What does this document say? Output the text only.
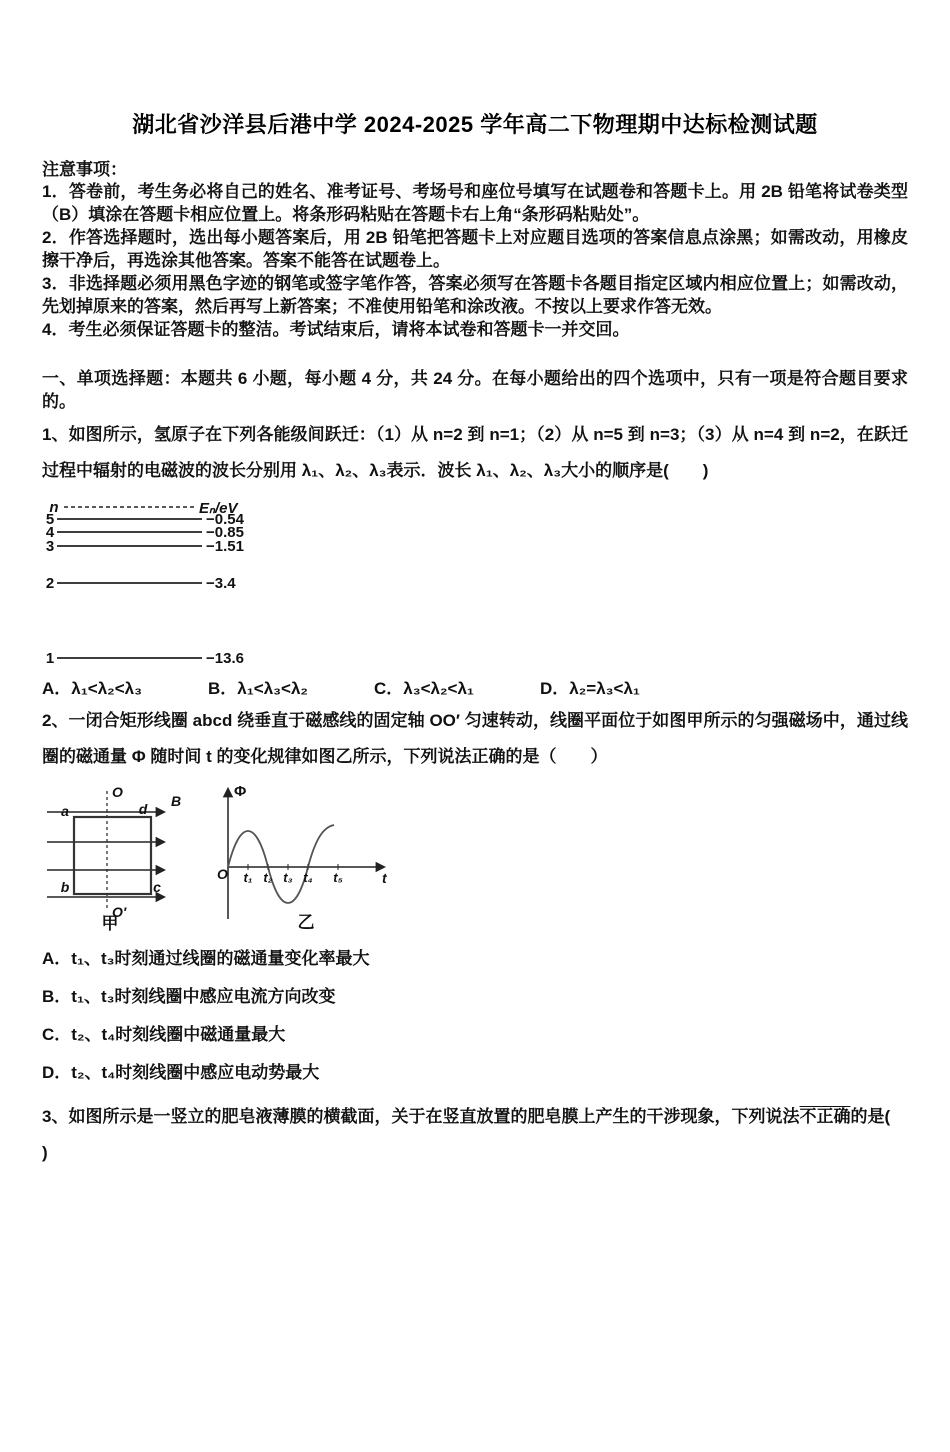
湖北省沙洋县后港中学 2024-2025 学年高二下物理期中达标检测试题
注意事项：
1．答卷前，考生务必将自己的姓名、准考证号、考场号和座位号填写在试题卷和答题卡上。用 2B 铅笔将试卷类型（B）填涂在答题卡相应位置上。将条形码粘贴在答题卡右上角“条形码粘贴处”。
2．作答选择题时，选出每小题答案后，用 2B 铅笔把答题卡上对应题目选项的答案信息点涂黑；如需改动，用橡皮擦干净后，再选涂其他答案。答案不能答在试题卷上。
3．非选择题必须用黑色字迹的钢笔或签字笔作答，答案必须写在答题卡各题目指定区域内相应位置上；如需改动，先划掉原来的答案，然后再写上新答案；不准使用铅笔和涂改液。不按以上要求作答无效。
4．考生必须保证答题卡的整洁。考试结束后，请将本试卷和答题卡一并交回。
一、单项选择题：本题共 6 小题，每小题 4 分，共 24 分。在每小题给出的四个选项中，只有一项是符合题目要求的。
1、如图所示，氢原子在下列各能级间跃迁：（1）从 n=2 到 n=1；（2）从 n=5 到 n=3；（3）从 n=4 到 n=2，在跃迁过程中辐射的电磁波的波长分别用 λ₁、λ₂、λ₃表示．波长 λ₁、λ₂、λ₃大小的顺序是(　　)
n	Eₙ/eV
5	−0.54
4	−0.85
3	−1.51
2	−3.4
1	−13.6
A．λ₁<λ₂<λ₃	B．λ₁<λ₃<λ₂	C．λ₃<λ₂<λ₁	D．λ₂=λ₃<λ₁
2、一闭合矩形线圈 abcd 绕垂直于磁感线的固定轴 OO′ 匀速转动，线圈平面位于如图甲所示的匀强磁场中，通过线圈的磁通量 Φ 随时间 t 的变化规律如图乙所示，下列说法正确的是（　　）
O
O′
B
a	d
b	c
甲
Φ
t
O t₁ t₂ t₃ t₄ t₅
乙
A．t₁、t₃时刻通过线圈的磁通量变化率最大
B．t₁、t₃时刻线圈中感应电流方向改变
C．t₂、t₄时刻线圈中磁通量最大
D．t₂、t₄时刻线圈中感应电动势最大
3、如图所示是一竖立的肥皂液薄膜的横截面，关于在竖直放置的肥皂膜上产生的干涉现象，下列说法不正确的是(
)
